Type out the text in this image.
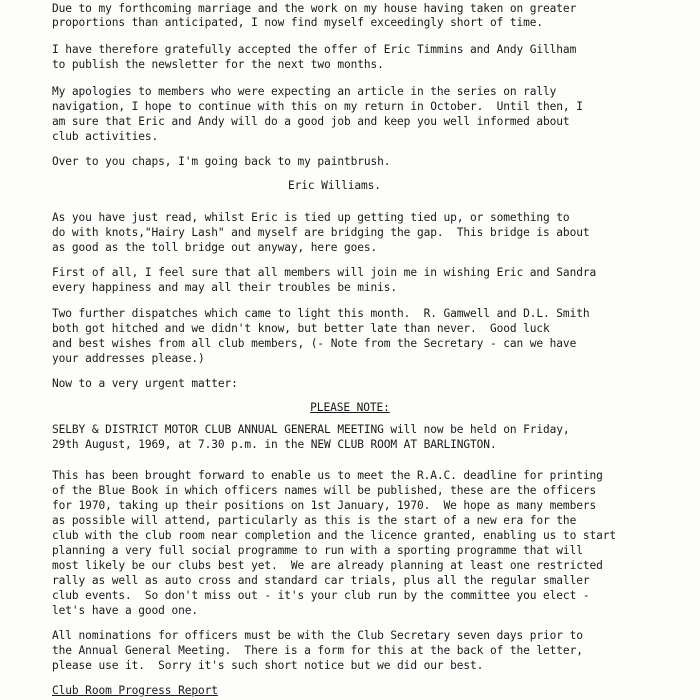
Due to my forthcoming marriage and the work on my house having taken on greater
proportions than anticipated, I now find myself exceedingly short of time.
I have therefore gratefully accepted the offer of Eric Timmins and Andy Gillham
to publish the newsletter for the next two months.
My apologies to members who were expecting an article in the series on rally
navigation, I hope to continue with this on my return in October.  Until then, I
am sure that Eric and Andy will do a good job and keep you well informed about
club activities.
Over to you chaps, I'm going back to my paintbrush.
Eric Williams.
As you have just read, whilst Eric is tied up getting tied up, or something to
do with knots,"Hairy Lash" and myself are bridging the gap.  This bridge is about
as good as the toll bridge out anyway, here goes.
First of all, I feel sure that all members will join me in wishing Eric and Sandra
every happiness and may all their troubles be minis.
Two further dispatches which came to light this month.  R. Gamwell and D.L. Smith
both got hitched and we didn't know, but better late than never.  Good luck
and best wishes from all club members, (- Note from the Secretary - can we have
your addresses please.)
Now to a very urgent matter:
PLEASE NOTE:
SELBY & DISTRICT MOTOR CLUB ANNUAL GENERAL MEETING will now be held on Friday,
29th August, 1969, at 7.30 p.m. in the NEW CLUB ROOM AT BARLINGTON.
This has been brought forward to enable us to meet the R.A.C. deadline for printing
of the Blue Book in which officers names will be published, these are the officers
for 1970, taking up their positions on 1st January, 1970.  We hope as many members
as possible will attend, particularly as this is the start of a new era for the
club with the club room near completion and the licence granted, enabling us to start
planning a very full social programme to run with a sporting programme that will
most likely be our clubs best yet.  We are already planning at least one restricted
rally as well as auto cross and standard car trials, plus all the regular smaller
club events.  So don't miss out - it's your club run by the committee you elect -
let's have a good one.
All nominations for officers must be with the Club Secretary seven days prior to
the Annual General Meeting.  There is a form for this at the back of the letter,
please use it.  Sorry it's such short notice but we did our best.
Club Room Progress Report
